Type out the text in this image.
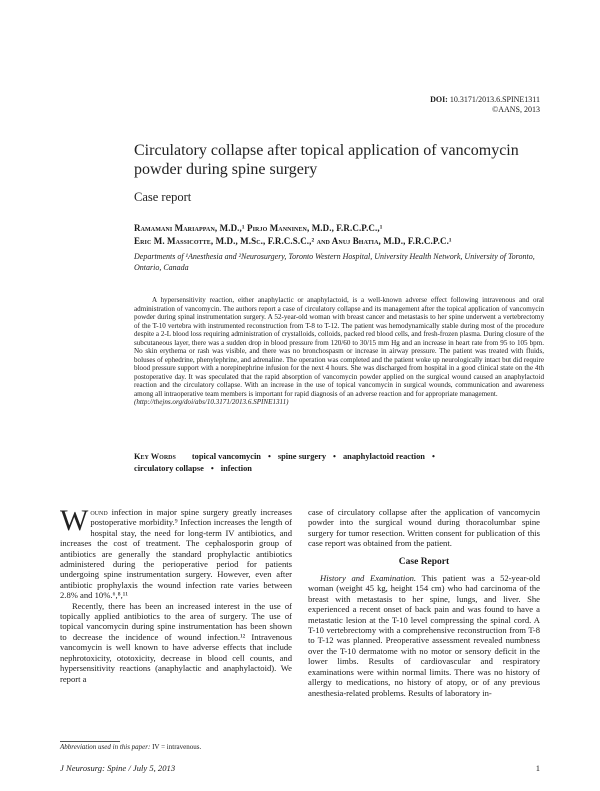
DOI: 10.3171/2013.6.SPINE1311
©AANS, 2013
Circulatory collapse after topical application of vancomycin powder during spine surgery
Case report
Ramamani Mariappan, M.D.,¹ Pirjo Manninen, M.D., F.R.C.P.C.,¹
Eric M. Massicotte, M.D., M.Sc., F.R.C.S.C.,² and Anuj Bhatia, M.D., F.R.C.P.C.¹
Departments of ¹Anesthesia and ²Neurosurgery, Toronto Western Hospital, University Health Network, University of Toronto, Ontario, Canada
A hypersensitivity reaction, either anaphylactic or anaphylactoid, is a well-known adverse effect following intravenous and oral administration of vancomycin. The authors report a case of circulatory collapse and its management after the topical application of vancomycin powder during spinal instrumentation surgery. A 52-year-old woman with breast cancer and metastasis to her spine underwent a vertebrectomy of the T-10 vertebra with instrumented reconstruction from T-8 to T-12. The patient was hemodynamically stable during most of the procedure despite a 2-L blood loss requiring administration of crystalloids, colloids, packed red blood cells, and fresh-frozen plasma. During closure of the subcutaneous layer, there was a sudden drop in blood pressure from 120/60 to 30/15 mm Hg and an increase in heart rate from 95 to 105 bpm. No skin erythema or rash was visible, and there was no bronchospasm or increase in airway pressure. The patient was treated with fluids, boluses of ephedrine, phenylephrine, and adrenaline. The operation was completed and the patient woke up neurologically intact but did require blood pressure support with a norepinephrine infusion for the next 4 hours. She was discharged from hospital in a good clinical state on the 4th postoperative day. It was speculated that the rapid absorption of vancomycin powder applied on the surgical wound caused an anaphylactoid reaction and the circulatory collapse. With an increase in the use of topical vancomycin in surgical wounds, communication and awareness among all intraoperative team members is important for rapid diagnosis of an adverse reaction and for appropriate management.
(http://thejns.org/doi/abs/10.3171/2013.6.SPINE1311)
Key Words topical vancomycin • spine surgery • anaphylactoid reaction •
circulatory collapse • infection

Wound infection in major spine surgery greatly increases postoperative morbidity.⁹ Infection increases the length of hospital stay, the need for long-term IV antibiotics, and increases the cost of treatment. The cephalosporin group of antibiotics are generally the standard prophylactic antibiotics administered during the perioperative period for patients undergoing spine instrumentation surgery. However, even after antibiotic prophylaxis the wound infection rate varies between 2.8% and 10%.⁶,⁸,¹¹

Recently, there has been an increased interest in the use of topically applied antibiotics to the area of surgery. The use of topical vancomycin during spine instrumentation has been shown to decrease the incidence of wound infection.¹² Intravenous vancomycin is well known to have adverse effects that include nephrotoxicity, ototoxicity, decrease in blood cell counts, and hypersensitivity reactions (anaphylactic and anaphylactoid). We report a

case of circulatory collapse after the application of vancomycin powder into the surgical wound during thoracolumbar spine surgery for tumor resection. Written consent for publication of this case report was obtained from the patient.

Case Report

History and Examination. This patient was a 52-year-old woman (weight 45 kg, height 154 cm) who had carcinoma of the breast with metastasis to her spine, lungs, and liver. She experienced a recent onset of back pain and was found to have a metastatic lesion at the T-10 level compressing the spinal cord. A T-10 vertebrectomy with a comprehensive reconstruction from T-8 to T-12 was planned. Preoperative assessment revealed numbness over the T-10 dermatome with no motor or sensory deficit in the lower limbs. Results of cardiovascular and respiratory examinations were within normal limits. There was no history of allergy to medications, no history of atopy, or of any previous anesthesia-related problems. Results of laboratory in-

Abbreviation used in this paper: IV = intravenous.
J Neurosurg: Spine / July 5, 2013	1
